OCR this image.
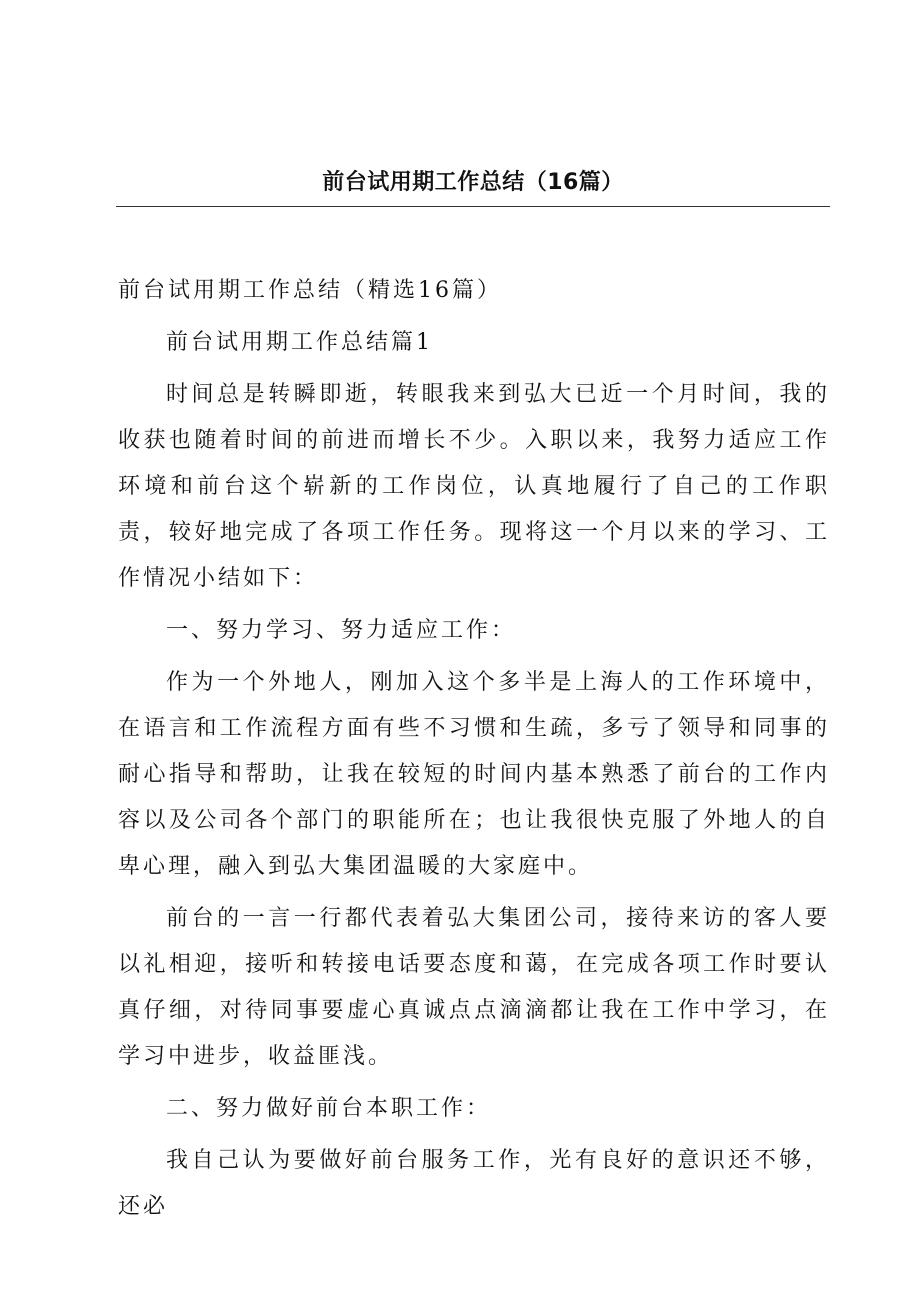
前台试用期工作总结（16篇）

前台试用期工作总结（精选16篇）

前台试用期工作总结篇1

时间总是转瞬即逝，转眼我来到弘大已近一个月时间，我的收获也随着时间的前进而增长不少。入职以来，我努力适应工作环境和前台这个崭新的工作岗位，认真地履行了自己的工作职责，较好地完成了各项工作任务。现将这一个月以来的学习、工作情况小结如下：

一、努力学习、努力适应工作：

作为一个外地人，刚加入这个多半是上海人的工作环境中，在语言和工作流程方面有些不习惯和生疏，多亏了领导和同事的耐心指导和帮助，让我在较短的时间内基本熟悉了前台的工作内容以及公司各个部门的职能所在；也让我很快克服了外地人的自卑心理，融入到弘大集团温暖的大家庭中。

前台的一言一行都代表着弘大集团公司，接待来访的客人要以礼相迎，接听和转接电话要态度和蔼，在完成各项工作时要认真仔细，对待同事要虚心真诚点点滴滴都让我在工作中学习，在学习中进步，收益匪浅。

二、努力做好前台本职工作：

我自己认为要做好前台服务工作，光有良好的意识还不够，还必
